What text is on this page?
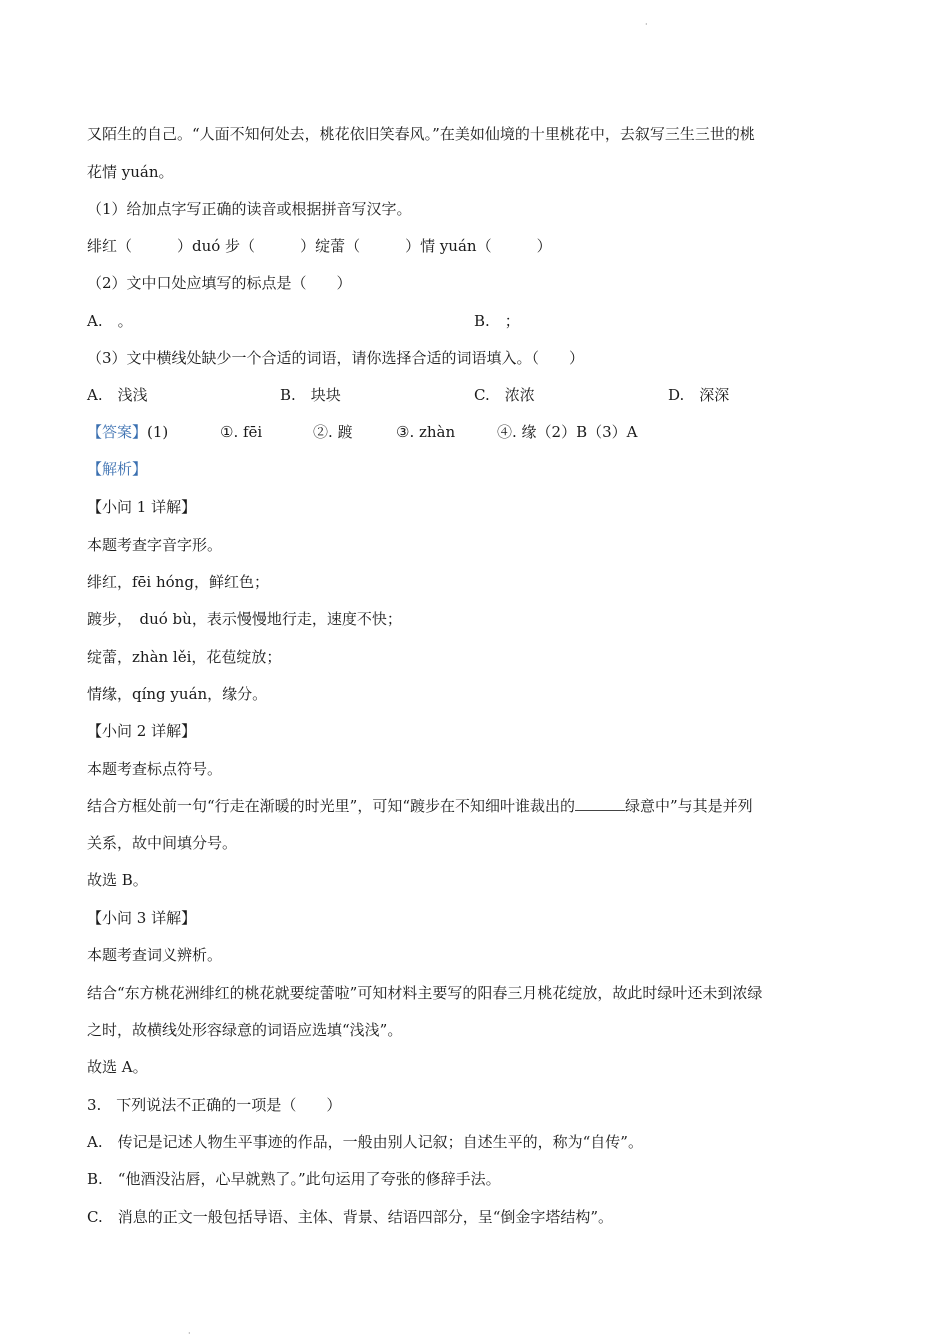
·
又陌生的自己。“人面不知何处去，桃花依旧笑春风。”在美如仙境的十里桃花中，去叙写三生三世的桃
花情 yuán。
（1）给加点字写正确的读音或根据拼音写汉字。
绯红（　　　）duó 步（　　　）绽蕾（　　　）情 yuán（　　　）
（2）文中口处应填写的标点是（　　）
A.　。	B.　；
（3）文中横线处缺少一个合适的词语，请你选择合适的词语填入。（　　）
A.　浅浅	B.　块块	C.　浓浓	D.　深深
【答案】 (1)	①. fēi	②. 踱	③. zhàn	④. 缘（2）B（3）A
【解析】
【小问 1 详解】
本题考查字音字形。
绯红，fēi hóng，鲜红色；
踱步，　duó bù，表示慢慢地行走，速度不快；
绽蕾，zhàn lěi，花苞绽放；
情缘，qíng yuán，缘分。
【小问 2 详解】
本题考查标点符号。
结合方框处前一句“行走在渐暖的时光里”，可知“踱步在不知细叶谁裁出的	绿意中”与其是并列
关系，故中间填分号。
故选 B。
【小问 3 详解】
本题考查词义辨析。
结合“东方桃花洲绯红的桃花就要绽蕾啦”可知材料主要写的阳春三月桃花绽放，故此时绿叶还未到浓绿
之时，故横线处形容绿意的词语应选填“浅浅”。
故选 A。
3.　下列说法不正确的一项是（　　）
A.　传记是记述人物生平事迹的作品，一般由别人记叙；自述生平的，称为“自传”。
B.　“他酒没沾唇，心早就熟了。”此句运用了夸张的修辞手法。
C.　消息的正文一般包括导语、主体、背景、结语四部分，呈“倒金字塔结构”。
·
